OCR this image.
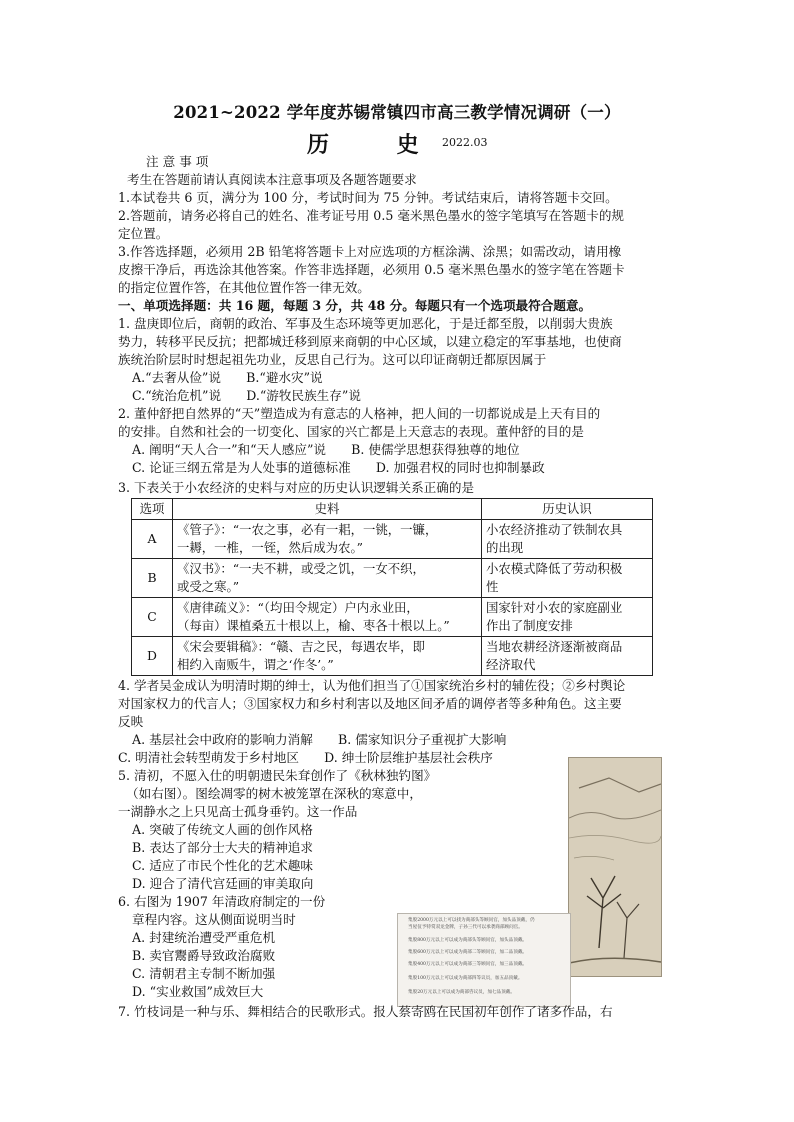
2021~2022 学年度苏锡常镇四市高三教学情况调研（一）
历 史
2022.03
注 意 事 项
考生在答题前请认真阅读本注意事项及各题答题要求
1.本试卷共 6 页，满分为 100 分，考试时间为 75 分钟。考试结束后，请将答题卡交回。
2.答题前，请务必将自己的姓名、准考证号用 0.5 毫米黑色墨水的签字笔填写在答题卡的规
定位置。
3.作答选择题，必须用 2B 铅笔将答题卡上对应选项的方框涂满、涂黑；如需改动，请用橡
皮擦干净后，再选涂其他答案。作答非选择题，必须用 0.5 毫米黑色墨水的签字笔在答题卡
的指定位置作答，在其他位置作答一律无效。
一、单项选择题：共 16 题，每题 3 分，共 48 分。每题只有一个选项最符合题意。
1. 盘庚即位后，商朝的政治、军事及生态环境等更加恶化，于是迁都至殷，以削弱大贵族
势力，转移平民反抗；把都城迁移到原来商朝的中心区域，以建立稳定的军事基地，也使商
族统治阶层时时想起祖先功业，反思自己行为。这可以印证商朝迁都原因属于
A.“去奢从俭”说　　B.“避水灾”说
C.“统治危机”说　　D.“游牧民族生存”说
2. 董仲舒把自然界的“天”塑造成为有意志的人格神，把人间的一切都说成是上天有目的
的安排。自然和社会的一切变化、国家的兴亡都是上天意志的表现。董仲舒的目的是
A. 阐明“天人合一”和“天人感应”说　　B. 使儒学思想获得独尊的地位
C. 论证三纲五常是为人处事的道德标准　　D. 加强君权的同时也抑制暴政
3. 下表关于小农经济的史料与对应的历史认识逻辑关系正确的是
选项	史料	历史认识
A	《管子》：“一农之事，必有一耜，一铫，一镰，
一耨，一椎，一铚，然后成为农。”	小农经济推动了铁制农具
的出现
B	《汉书》：“一夫不耕，或受之饥，一女不织，
或受之寒。”	小农模式降低了劳动积极
性
C	《唐律疏义》：“（均田令规定）户内永业田，
（每亩）课植桑五十根以上，榆、枣各十根以上。”	国家针对小农的家庭副业
作出了制度安排
D	《宋会要辑稿》：“赣、吉之民，每遇农毕，即
相约入南贩牛，谓之‘作冬’。”	当地农耕经济逐渐被商品
经济取代
4. 学者吴金成认为明清时期的绅士，认为他们担当了①国家统治乡村的辅佐役；②乡村舆论
对国家权力的代言人；③国家权力和乡村利害以及地区间矛盾的调停者等多种角色。这主要
反映
A. 基层社会中政府的影响力消解　　B. 儒家知识分子重视扩大影响
C. 明清社会转型萌发于乡村地区　　D. 绅士阶层维护基层社会秩序
5. 清初，不愿入仕的明朝遗民朱耷创作了《秋林独钓图》
（如右图）。图绘凋零的树木被笼罩在深秋的寒意中，
一湖静水之上只见高士孤身垂钓。这一作品
A. 突破了传统文人画的创作风格
B. 表达了部分士大夫的精神追求
C. 适应了市民个性化的艺术趣味
D. 迎合了清代宫廷画的审美取向
6. 右图为 1907 年清政府制定的一份
章程内容。这从侧面说明当时
A. 封建统治遭受严重危机
B. 卖官鬻爵导致政治腐败
C. 清朝君主专制不断加强
D. “实业救国”成效巨大
集股2000万元以上可以找为商部头等顾问官，加头品顶戴，仍
当屋仪予特赏双龙金牌，子孙三代可以承袭商部顾问官。
集股800万元以上可以成为商部头等顾问官，加头品顶戴。
集股600万元以上可以成为商部二等顾问官，加二品顶戴。
集股400万元以上可以成为商部三等顾问官，加三品顶戴。
集股100万元以上可以成为商部四等议员，加五品顶戴。
集股20万元以上可以成为商部咨议员，加七品顶戴。
7. 竹枝词是一种与乐、舞相结合的民歌形式。报人蔡寄鸥在民国初年创作了诸多作品，右
